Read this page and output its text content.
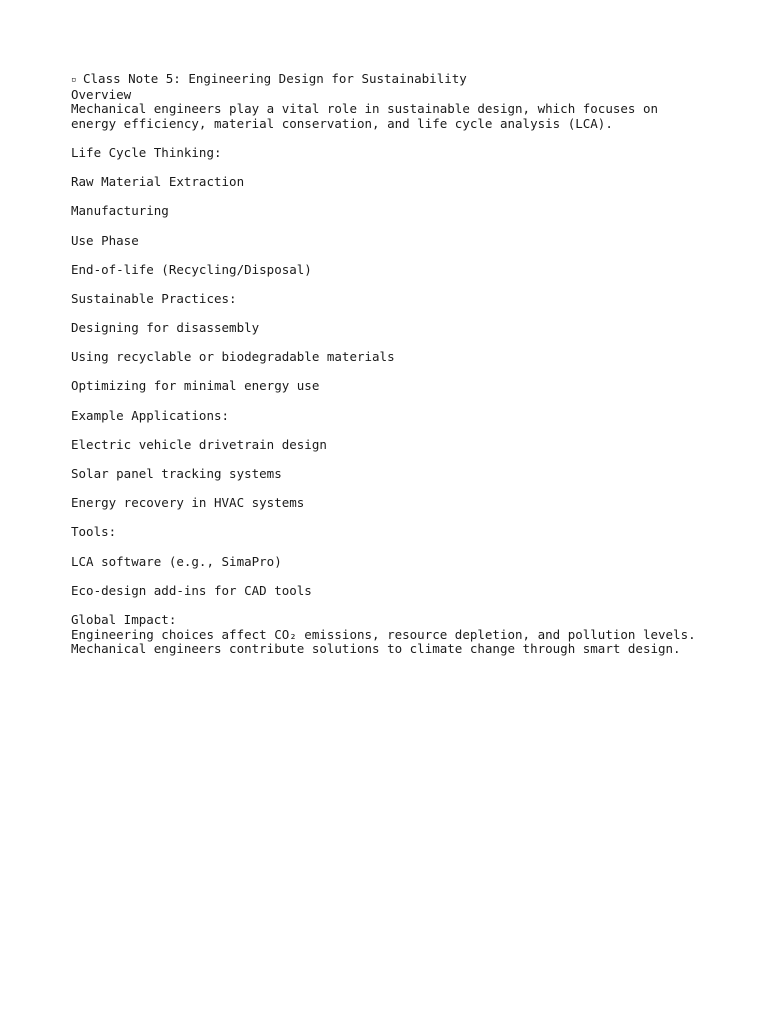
▫ Class Note 5: Engineering Design for Sustainability
Overview
Mechanical engineers play a vital role in sustainable design, which focuses on
energy efficiency, material conservation, and life cycle analysis (LCA).
Life Cycle Thinking:
Raw Material Extraction
Manufacturing
Use Phase
End-of-life (Recycling/Disposal)
Sustainable Practices:
Designing for disassembly
Using recyclable or biodegradable materials
Optimizing for minimal energy use
Example Applications:
Electric vehicle drivetrain design
Solar panel tracking systems
Energy recovery in HVAC systems
Tools:
LCA software (e.g., SimaPro)
Eco-design add-ins for CAD tools
Global Impact:
Engineering choices affect CO₂ emissions, resource depletion, and pollution levels.
Mechanical engineers contribute solutions to climate change through smart design.
